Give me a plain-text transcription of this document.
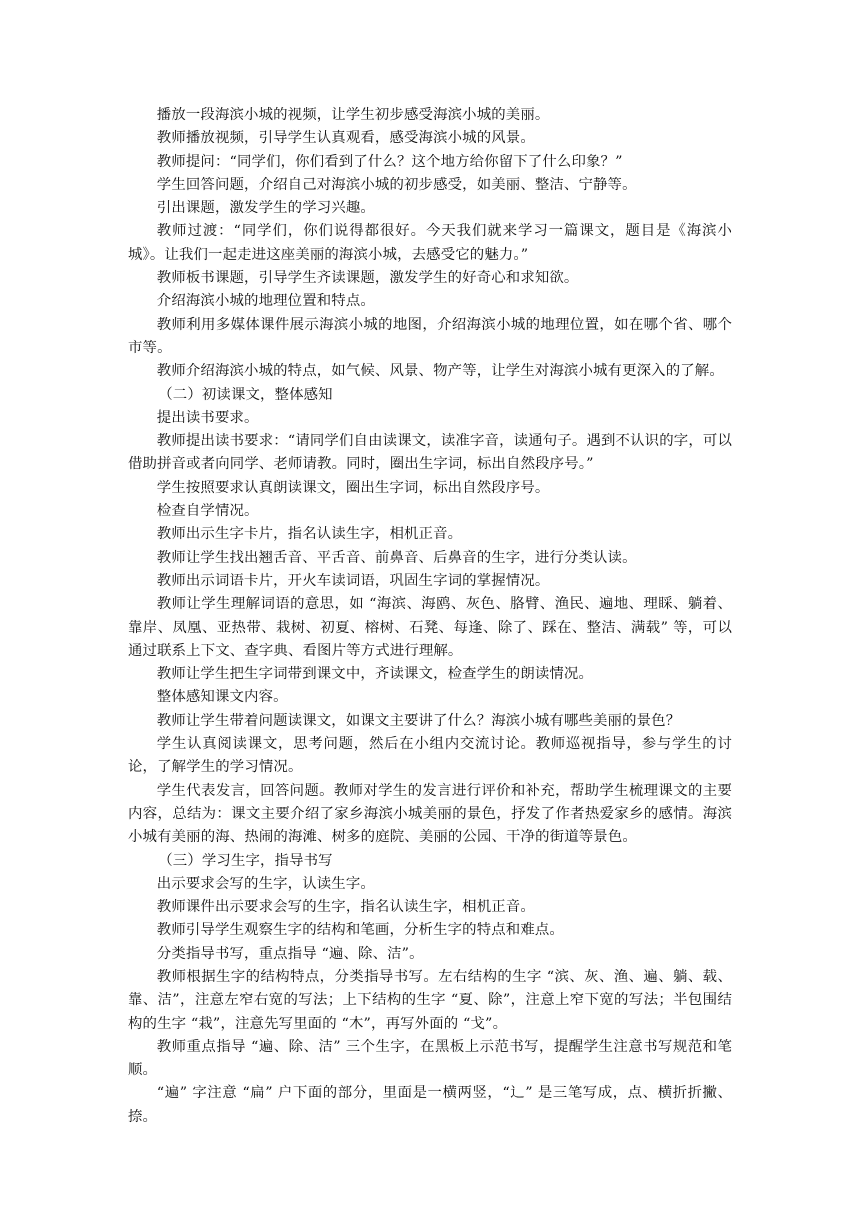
播放一段海滨小城的视频，让学生初步感受海滨小城的美丽。

教师播放视频，引导学生认真观看，感受海滨小城的风景。

教师提问：“同学们，你们看到了什么？这个地方给你留下了什么印象？”

学生回答问题，介绍自己对海滨小城的初步感受，如美丽、整洁、宁静等。

引出课题，激发学生的学习兴趣。

教师过渡：“同学们，你们说得都很好。今天我们就来学习一篇课文，题目是《海滨小城》。让我们一起走进这座美丽的海滨小城，去感受它的魅力。”

教师板书课题，引导学生齐读课题，激发学生的好奇心和求知欲。

介绍海滨小城的地理位置和特点。

教师利用多媒体课件展示海滨小城的地图，介绍海滨小城的地理位置，如在哪个省、哪个市等。

教师介绍海滨小城的特点，如气候、风景、物产等，让学生对海滨小城有更深入的了解。

（二）初读课文，整体感知

提出读书要求。

教师提出读书要求：“请同学们自由读课文，读准字音，读通句子。遇到不认识的字，可以借助拼音或者向同学、老师请教。同时，圈出生字词，标出自然段序号。”

学生按照要求认真朗读课文，圈出生字词，标出自然段序号。

检查自学情况。

教师出示生字卡片，指名认读生字，相机正音。

教师让学生找出翘舌音、平舌音、前鼻音、后鼻音的生字，进行分类认读。

教师出示词语卡片，开火车读词语，巩固生字词的掌握情况。

教师让学生理解词语的意思，如 “海滨、海鸥、灰色、胳臂、渔民、遍地、理睬、躺着、靠岸、凤凰、亚热带、栽树、初夏、榕树、石凳、每逢、除了、踩在、整洁、满载” 等，可以通过联系上下文、查字典、看图片等方式进行理解。

教师让学生把生字词带到课文中，齐读课文，检查学生的朗读情况。

整体感知课文内容。

教师让学生带着问题读课文，如课文主要讲了什么？海滨小城有哪些美丽的景色？

学生认真阅读课文，思考问题，然后在小组内交流讨论。教师巡视指导，参与学生的讨论，了解学生的学习情况。

学生代表发言，回答问题。教师对学生的发言进行评价和补充，帮助学生梳理课文的主要内容，总结为：课文主要介绍了家乡海滨小城美丽的景色，抒发了作者热爱家乡的感情。海滨小城有美丽的海、热闹的海滩、树多的庭院、美丽的公园、干净的街道等景色。

（三）学习生字，指导书写

出示要求会写的生字，认读生字。

教师课件出示要求会写的生字，指名认读生字，相机正音。

教师引导学生观察生字的结构和笔画，分析生字的特点和难点。

分类指导书写，重点指导 “遍、除、洁”。

教师根据生字的结构特点，分类指导书写。左右结构的生字 “滨、灰、渔、遍、躺、载、靠、洁”，注意左窄右宽的写法；上下结构的生字 “夏、除”，注意上窄下宽的写法；半包围结构的生字 “栽”，注意先写里面的 “木”，再写外面的 “戈”。

教师重点指导 “遍、除、洁” 三个生字，在黑板上示范书写，提醒学生注意书写规范和笔顺。

“遍” 字注意 “扁” 户下面的部分，里面是一横两竖，“辶” 是三笔写成，点、横折折撇、捺。
